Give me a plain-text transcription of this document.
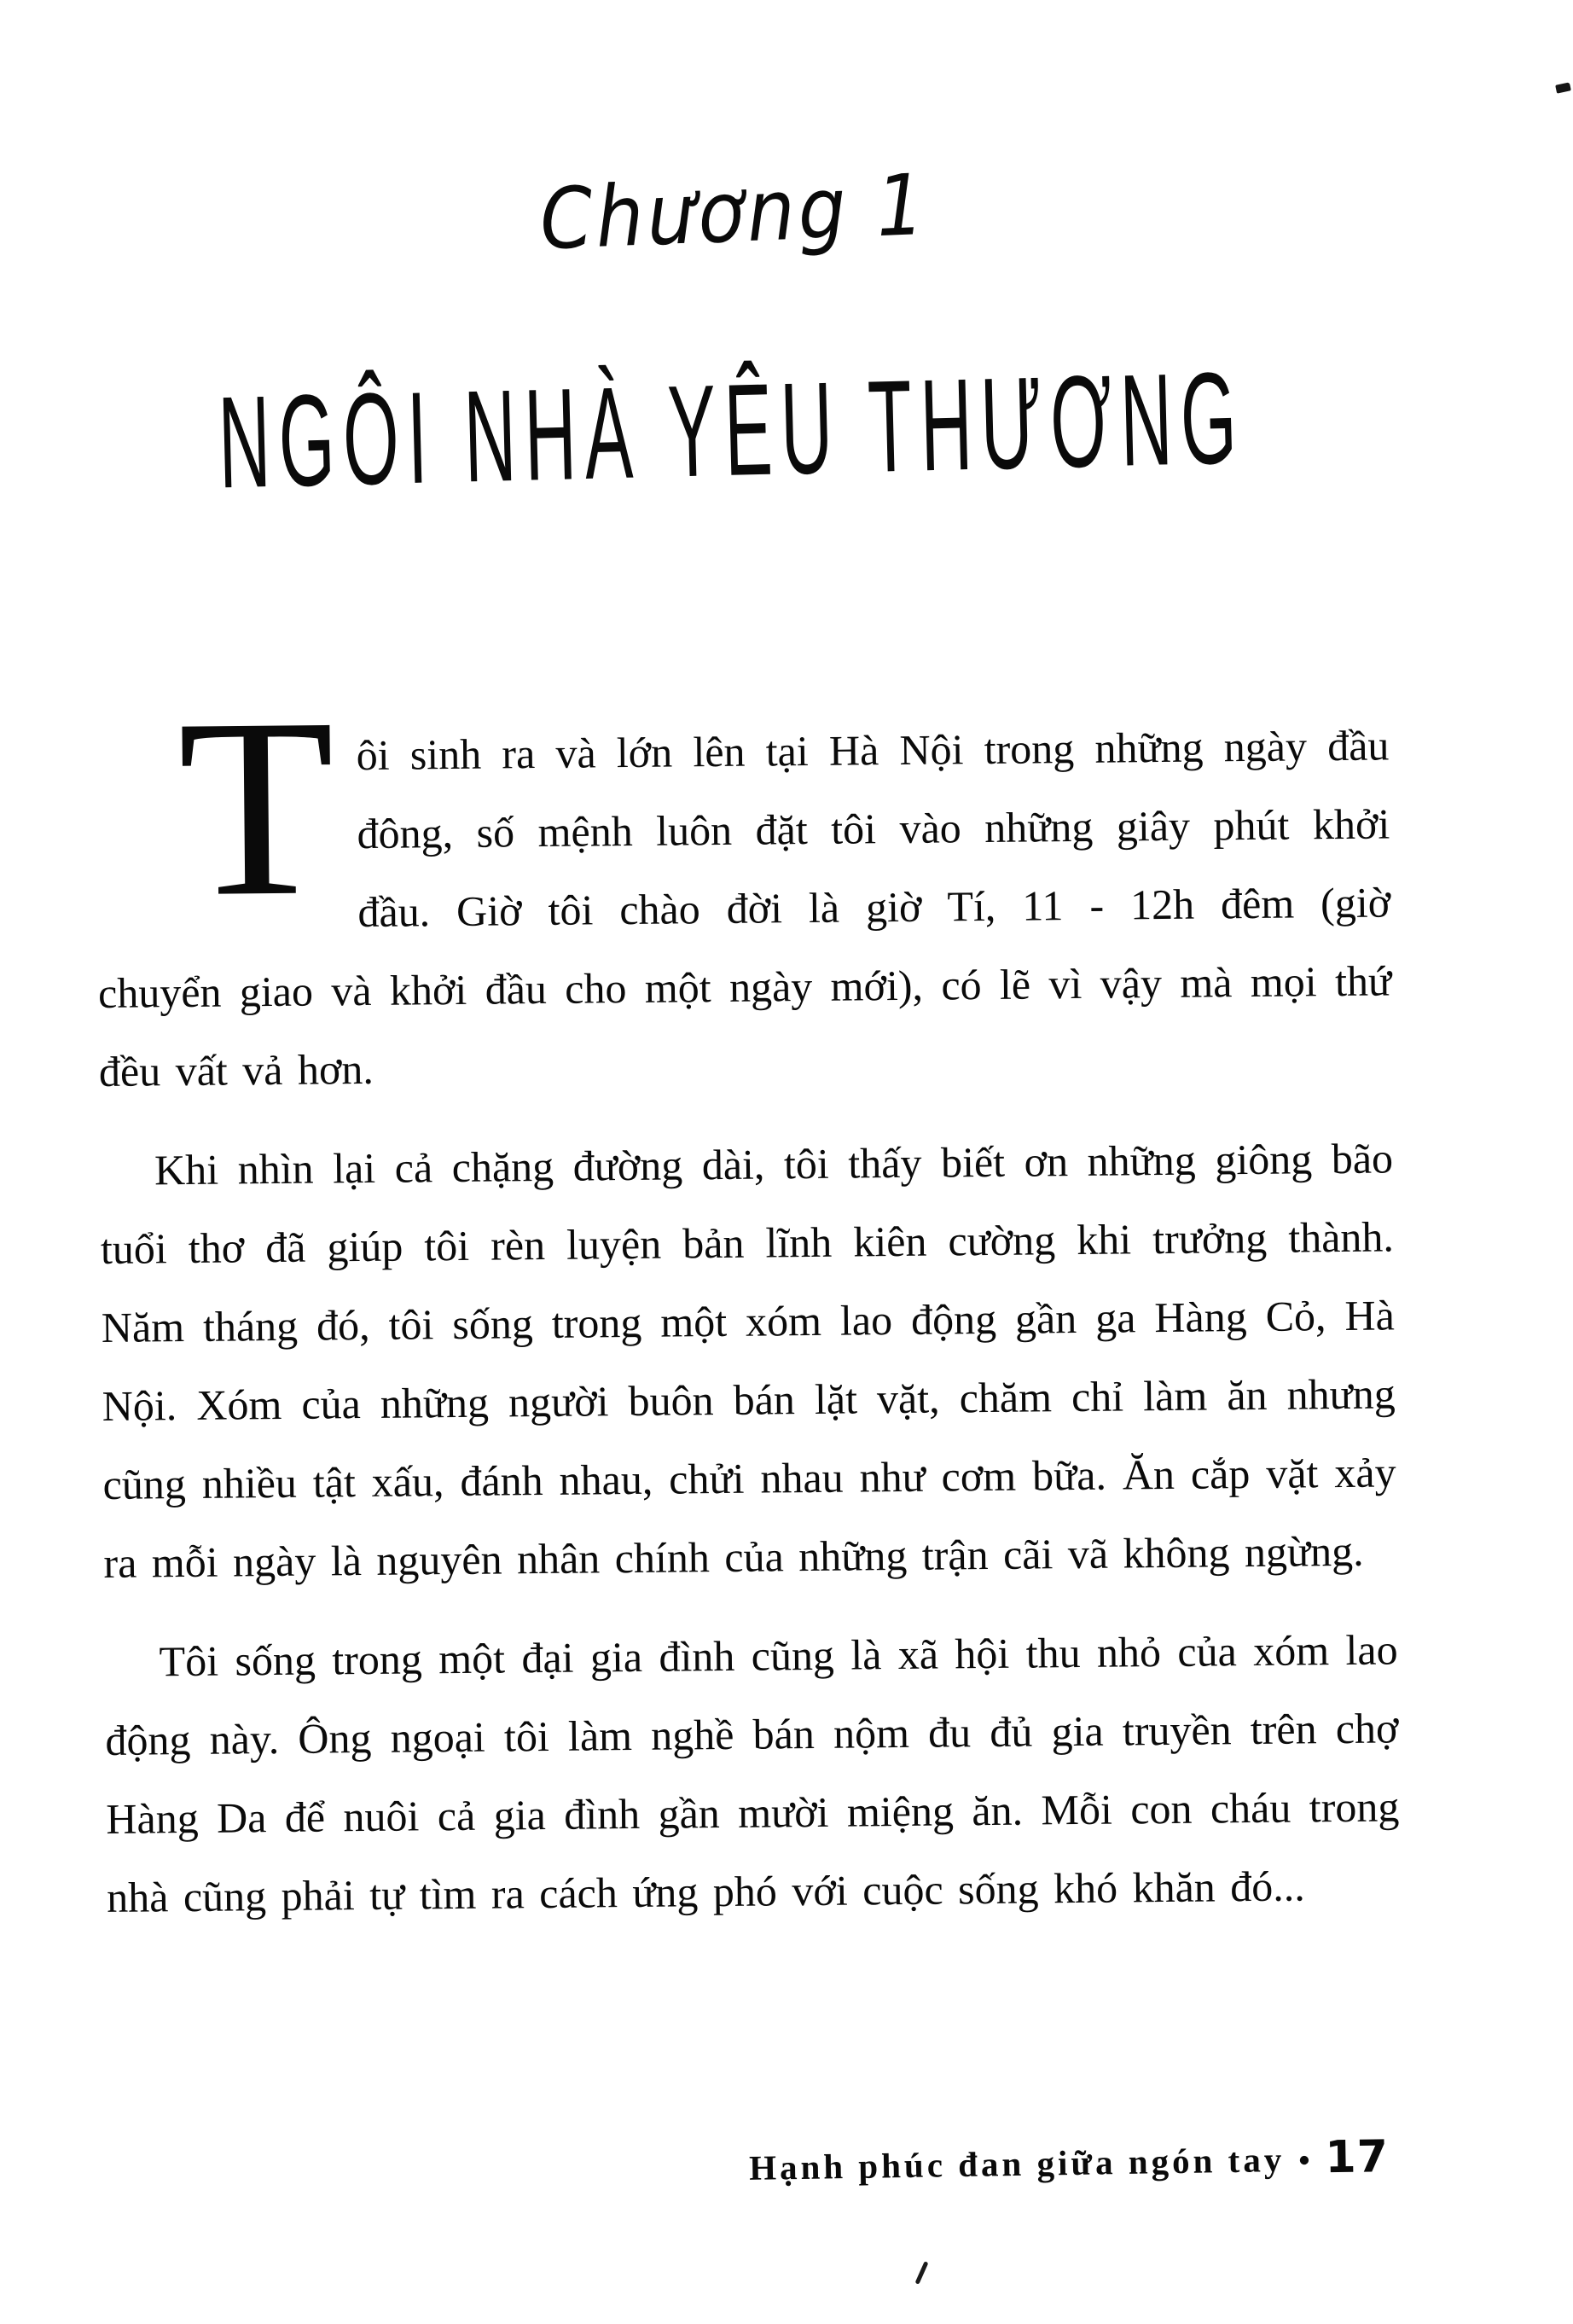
Chương 1
NGÔI NHÀ YÊU THƯƠNG

Tôi sinh ra và lớn lên tại Hà Nội trong những ngày đầu đông, số mệnh luôn đặt tôi vào những giây phút khởi đầu. Giờ tôi chào đời là giờ Tí, 11 - 12h đêm (giờ chuyển giao và khởi đầu cho một ngày mới), có lẽ vì vậy mà mọi thứ đều vất vả hơn.

Khi nhìn lại cả chặng đường dài, tôi thấy biết ơn những giông bão tuổi thơ đã giúp tôi rèn luyện bản lĩnh kiên cường khi trưởng thành. Năm tháng đó, tôi sống trong một xóm lao động gần ga Hàng Cỏ, Hà Nội. Xóm của những người buôn bán lặt vặt, chăm chỉ làm ăn nhưng cũng nhiều tật xấu, đánh nhau, chửi nhau như cơm bữa. Ăn cắp vặt xảy ra mỗi ngày là nguyên nhân chính của những trận cãi vã không ngừng.

Tôi sống trong một đại gia đình cũng là xã hội thu nhỏ của xóm lao động này. Ông ngoại tôi làm nghề bán nộm đu đủ gia truyền trên chợ Hàng Da để nuôi cả gia đình gần mười miệng ăn. Mỗi con cháu trong nhà cũng phải tự tìm ra cách ứng phó với cuộc sống khó khăn đó...

Hạnh phúc đan giữa ngón tay • 17
